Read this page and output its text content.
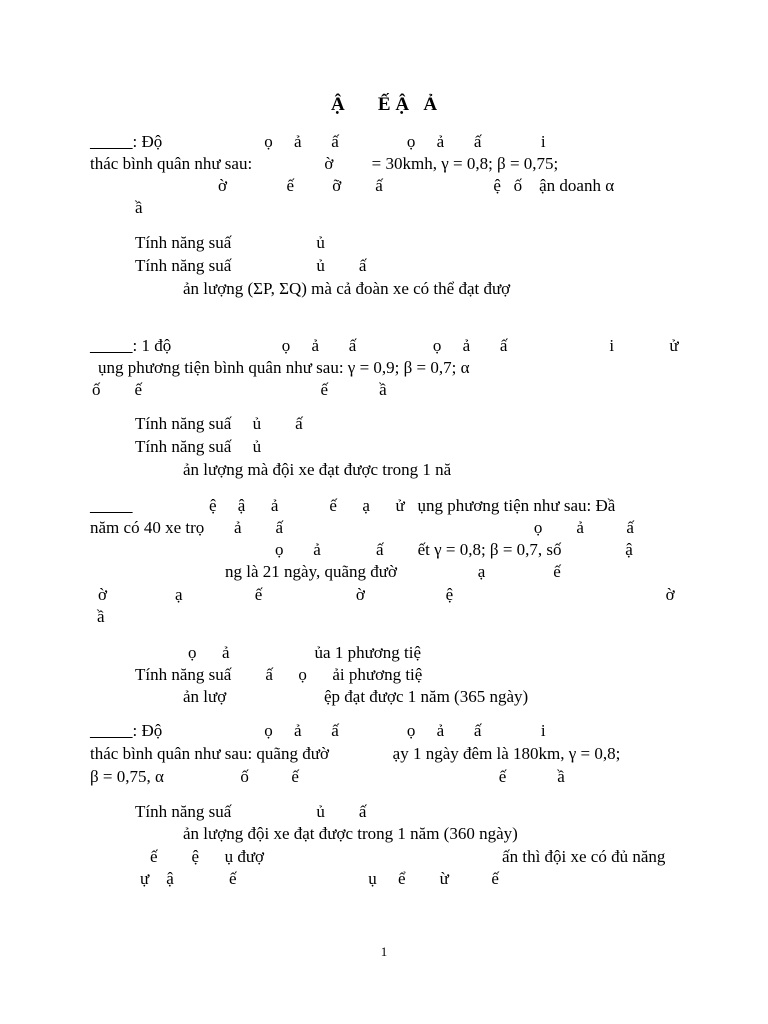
Ậ       Ế Ậ   Ả
_____: Độ                        ọ     ả       ấ                ọ     ả       ấ              i
thác bình quân như sau:                 ờ         = 30kmh, γ = 0,8; β = 0,75;
ờ              ế         ỡ        ấ                          ệ   ố    ận doanh α
ầ
Tính năng suấ                    ủ
Tính năng suấ                    ủ        ấ
ản lượng (ΣP, ΣQ) mà cả đoàn xe có thể đạt đượ
_____: 1 độ                          ọ     ả       ấ                  ọ     ả       ấ                        i             ử
ụng phương tiện bình quân như sau: γ = 0,9; β = 0,7; α
ố        ế                                          ế            ầ
Tính năng suấ     ủ        ấ
Tính năng suấ     ủ
ản lượng mà đội xe đạt được trong 1 nă
_____                  ệ     ậ      ả            ế      ạ      ử   ụng phương tiện như sau: Đầ
năm có 40 xe trọ       ả        ấ                                                           ọ        ả          ấ
ọ       ả             ấ        ết γ = 0,8; β = 0,7, số               ậ
ng là 21 ngày, quãng đườ                   ạ                ế
ờ                ạ                 ế                      ờ                   ệ                                                  ờ
ầ
ọ      ả                    ủa 1 phương tiệ
Tính năng suấ        ấ      ọ      ải phương tiệ
ản lượ                       ệp đạt được 1 năm (365 ngày)
_____: Độ                        ọ     ả       ấ                ọ     ả       ấ              i
thác bình quân như sau: quãng đườ               ạy 1 ngày đêm là 180km, γ = 0,8;
β = 0,75, α                  ố          ế                                               ế            ầ
Tính năng suấ                    ủ        ấ
ản lượng đội xe đạt được trong 1 năm (360 ngày)
ế        ệ      ụ đượ                                                        ấn thì đội xe có đủ năng
ự    ậ             ế                               ụ     ể        ừ          ế
1
